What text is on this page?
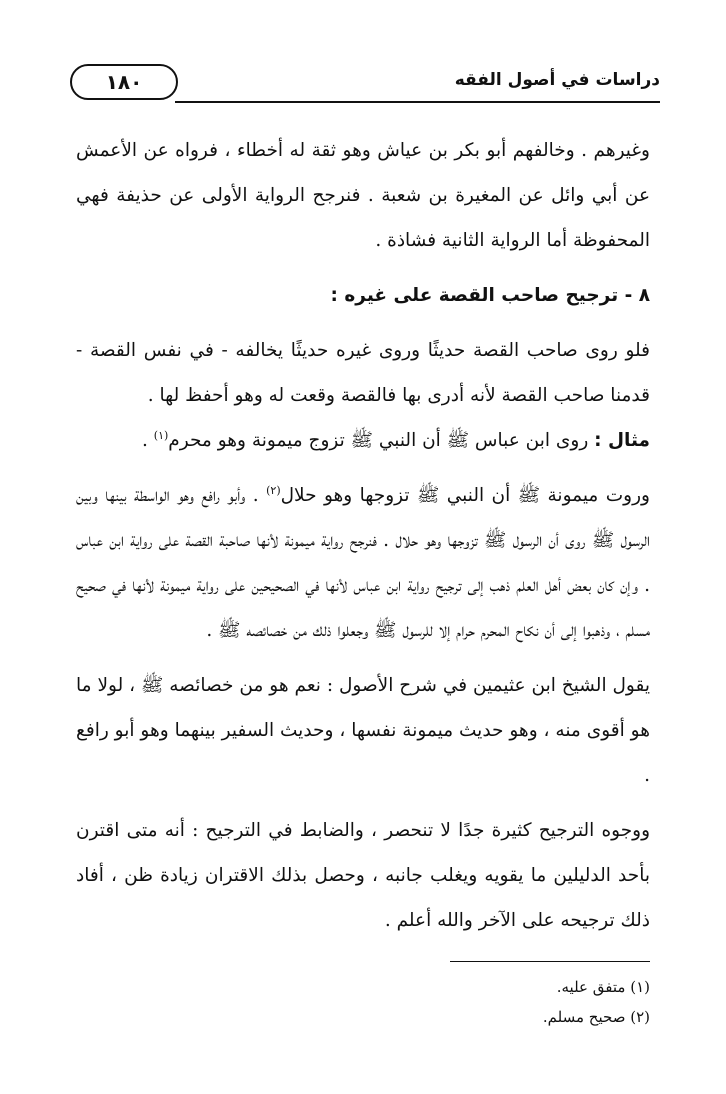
١٨٠	دراسات في أصول الفقه

وغيرهم . وخالفهم أبو بكر بن عياش وهو ثقة له أخطاء ، فرواه عن الأعمش عن أبي وائل عن المغيرة بن شعبة . فنرجح الرواية الأولى عن حذيفة فهي المحفوظة أما الرواية الثانية فشاذة .

٨ - ترجيح صاحب القصة على غيره :

فلو روى صاحب القصة حديثًا وروى غيره حديثًا يخالفه - في نفس القصة - قدمنا صاحب القصة لأنه أدرى بها فالقصة وقعت له وهو أحفظ لها .
مثال : روى ابن عباس ﷺ أن النبي ﷺ تزوج ميمونة وهو محرم$^{(١)}$ .

وروت ميمونة ﷺ أن النبي ﷺ تزوجها وهو حلال$^{(٢)}$ . وأبو رافع وهو الواسطة بينها وبين الرسول ﷺ روى أن الرسول ﷺ تزوجها وهو حلال . فنرجح رواية ميمونة لأنها صاحبة القصة على رواية ابن عباس . وإن كان بعض أهل العلم ذهب إلى ترجيح رواية ابن عباس لأنها في الصحيحين على رواية ميمونة لأنها في صحيح مسلم ، وذهبوا إلى أن نكاح المحرم حرام إلا للرسول ﷺ وجعلوا ذلك من خصائصه ﷺ .

يقول الشيخ ابن عثيمين في شرح الأصول : نعم هو من خصائصه ﷺ ، لولا ما هو أقوى منه ، وهو حديث ميمونة نفسها ، وحديث السفير بينهما وهو أبو رافع .

ووجوه الترجيح كثيرة جدًا لا تنحصر ، والضابط في الترجيح : أنه متى اقترن بأحد الدليلين ما يقويه ويغلب جانبه ، وحصل بذلك الاقتران زيادة ظن ، أفاد ذلك ترجيحه على الآخر والله أعلم .

(١) متفق عليه.

(٢) صحيح مسلم.
